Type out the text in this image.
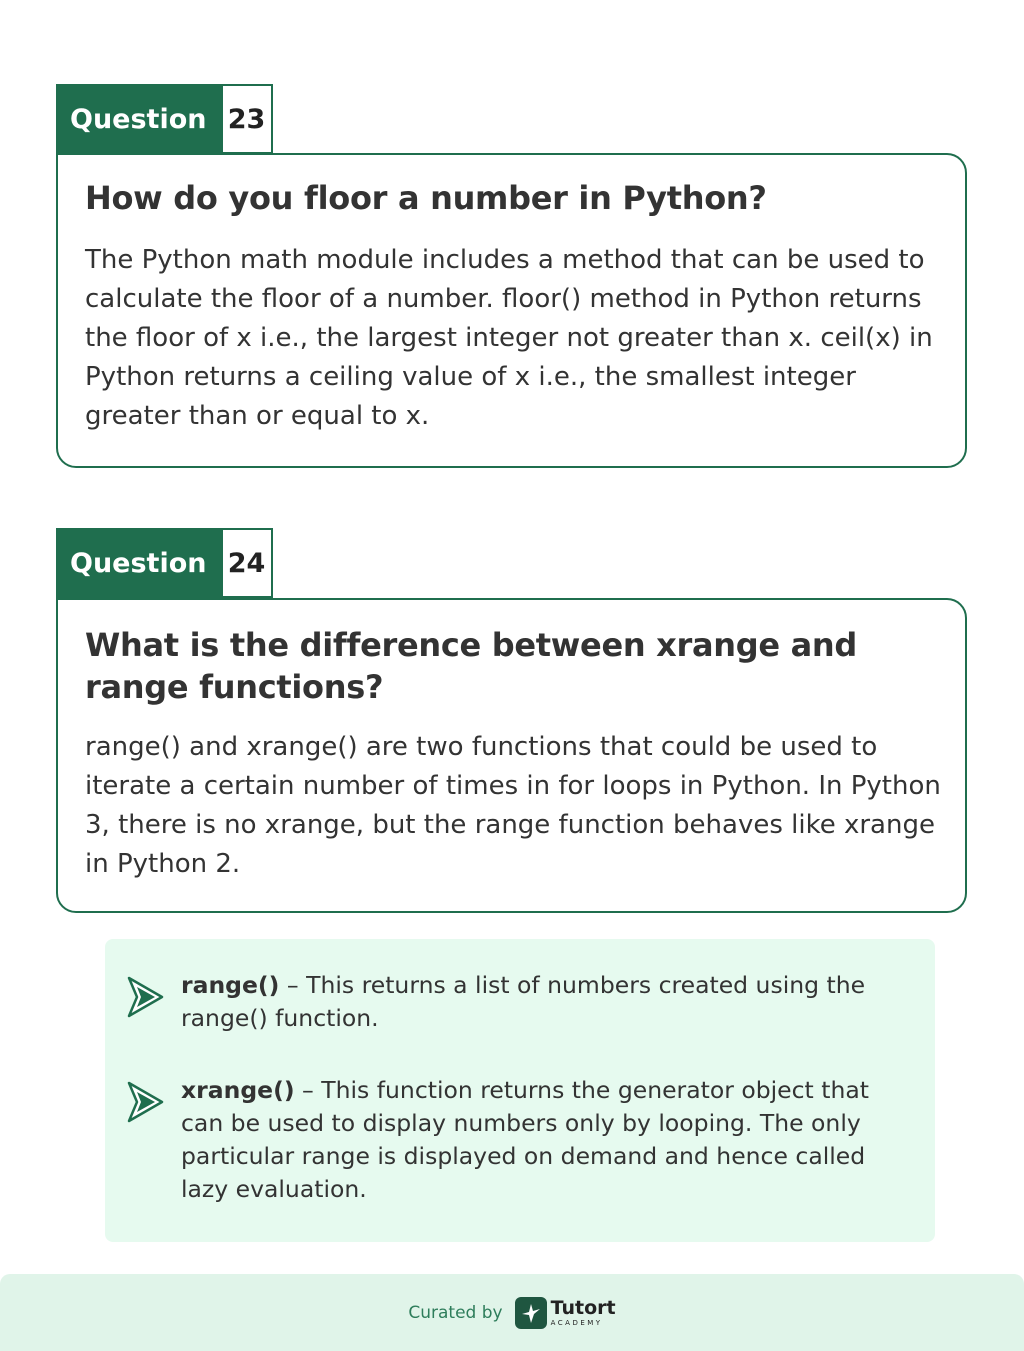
Question 23
How do you floor a number in Python?

The Python math module includes a method that can be used to calculate the floor of a number. floor() method in Python returns the floor of x i.e., the largest integer not greater than x. ceil(x) in Python returns a ceiling value of x i.e., the smallest integer greater than or equal to x.

Question 24
What is the difference between xrange and range functions?

range() and xrange() are two functions that could be used to iterate a certain number of times in for loops in Python. In Python 3, there is no xrange, but the range function behaves like xrange in Python 2.

range() – This returns a list of numbers created using the range() function.
xrange() – This function returns the generator object that can be used to display numbers only by looping. The only particular range is displayed on demand and hence called lazy evaluation.
Curated by	Tutort
ACADEMY
